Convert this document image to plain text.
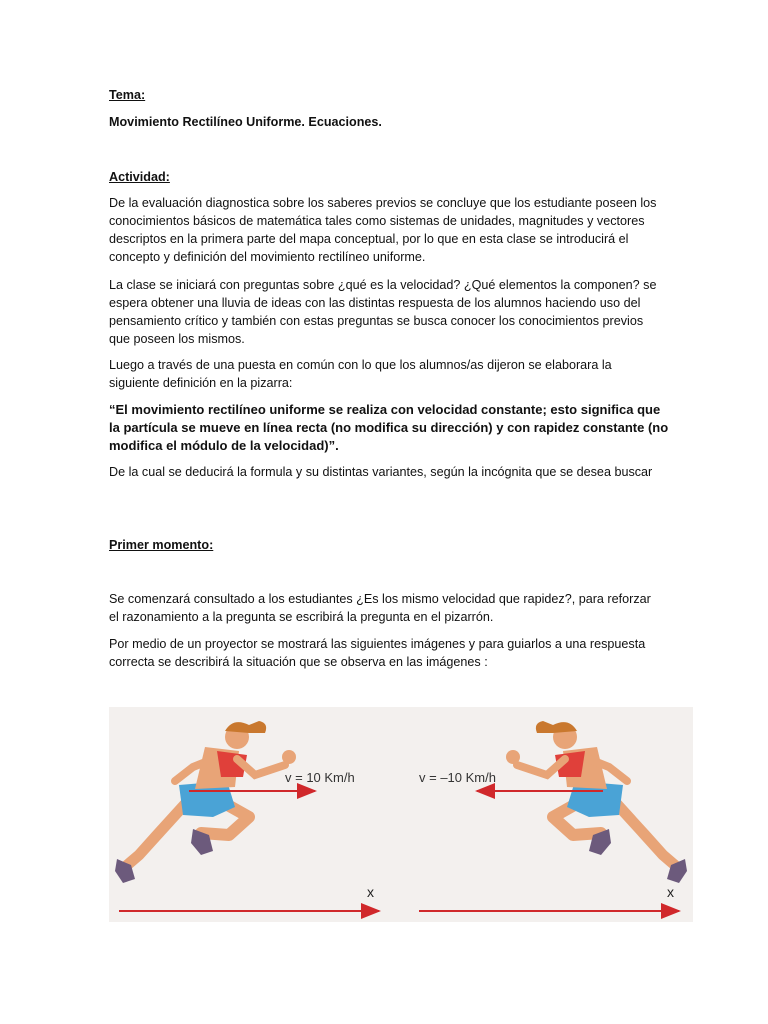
Tema:

Movimiento Rectilíneo Uniforme. Ecuaciones.

Actividad:

De la evaluación diagnostica sobre los saberes previos se concluye que los estudiante poseen los conocimientos básicos de matemática tales como sistemas de unidades, magnitudes y vectores descriptos en la primera parte del mapa conceptual, por lo que en esta clase se introducirá el concepto y definición del movimiento rectilíneo uniforme.

La clase se iniciará con preguntas sobre ¿qué es la velocidad? ¿Qué elementos la componen? se espera obtener una lluvia de ideas con las distintas respuesta de los alumnos haciendo uso del pensamiento crítico y también con estas preguntas se busca conocer los conocimientos previos que poseen los mismos.

Luego a través de una puesta en común con lo que los alumnos/as dijeron se elaborara la siguiente definición en la pizarra:

“El movimiento rectilíneo uniforme se realiza con velocidad constante; esto significa que la partícula se mueve en línea recta (no modifica su dirección) y con rapidez constante (no modifica el módulo de la velocidad)”.

De la cual se deducirá la formula y su distintas variantes, según la incógnita que se desea buscar

Primer momento:

Se comenzará consultado a los estudiantes ¿Es los mismo velocidad que rapidez?, para reforzar el razonamiento a la pregunta se escribirá la pregunta en el pizarrón.

Por medio de un proyector se mostrará las siguientes imágenes y para guiarlos a una respuesta correcta se describirá la situación que se observa en las imágenes :

v = 10 Km/h	v = –10 Km/h
x	x
